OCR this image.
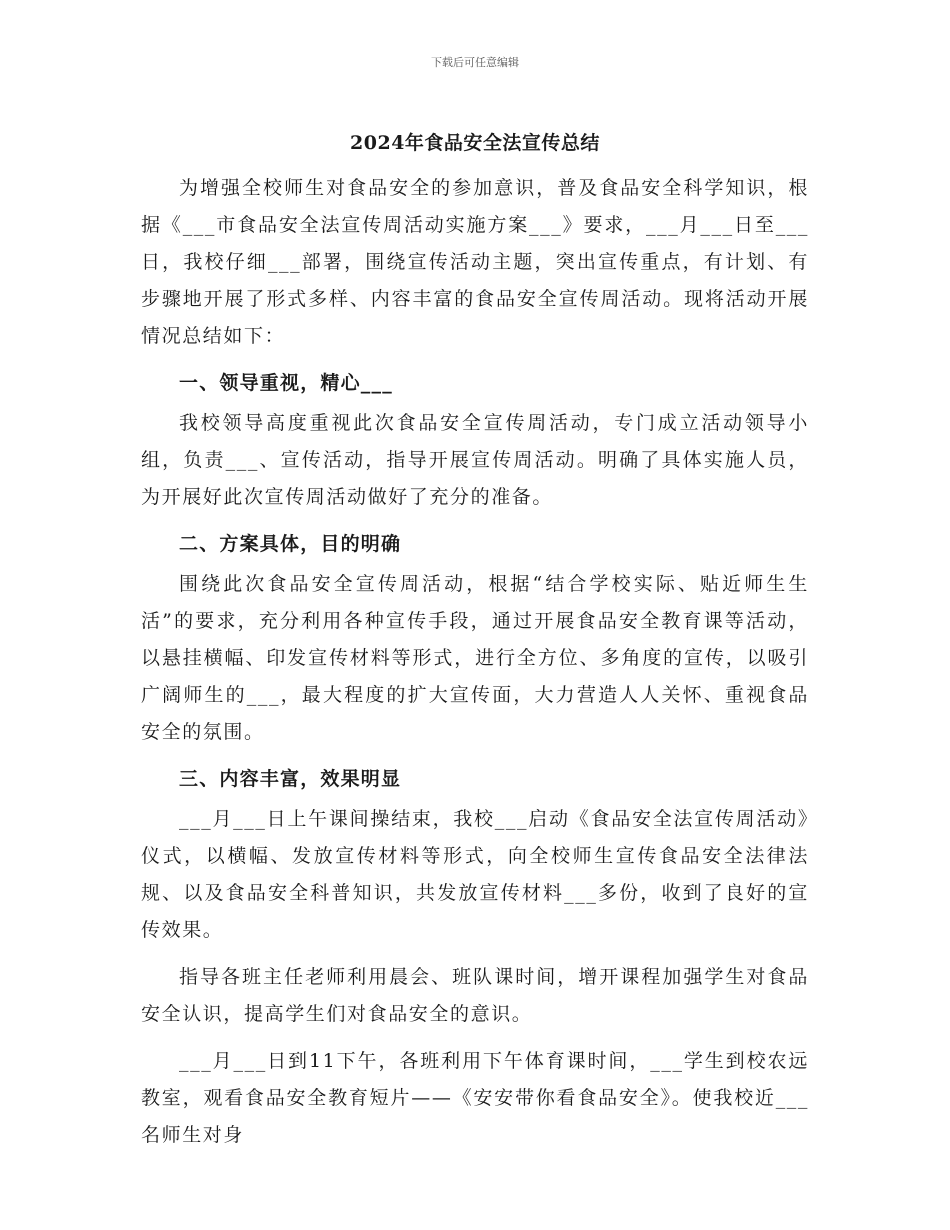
下载后可任意编辑
2024年食品安全法宣传总结

为增强全校师生对食品安全的参加意识，普及食品安全科学知识，根据《___市食品安全法宣传周活动实施方案___》要求，___月___日至___日，我校仔细___部署，围绕宣传活动主题，突出宣传重点，有计划、有步骤地开展了形式多样、内容丰富的食品安全宣传周活动。现将活动开展情况总结如下：

一、领导重视，精心___

我校领导高度重视此次食品安全宣传周活动，专门成立活动领导小组，负责___、宣传活动，指导开展宣传周活动。明确了具体实施人员，为开展好此次宣传周活动做好了充分的准备。

二、方案具体，目的明确

围绕此次食品安全宣传周活动，根据“结合学校实际、贴近师生生活”的要求，充分利用各种宣传手段，通过开展食品安全教育课等活动，以悬挂横幅、印发宣传材料等形式，进行全方位、多角度的宣传，以吸引广阔师生的___，最大程度的扩大宣传面，大力营造人人关怀、重视食品安全的氛围。

三、内容丰富，效果明显

___月___日上午课间操结束，我校___启动《食品安全法宣传周活动》仪式，以横幅、发放宣传材料等形式，向全校师生宣传食品安全法律法规、以及食品安全科普知识，共发放宣传材料___多份，收到了良好的宣传效果。

指导各班主任老师利用晨会、班队课时间，增开课程加强学生对食品安全认识，提高学生们对食品安全的意识。

___月___日到11下午，各班利用下午体育课时间，___学生到校农远教室，观看食品安全教育短片——《安安带你看食品安全》。使我校近___名师生对身
